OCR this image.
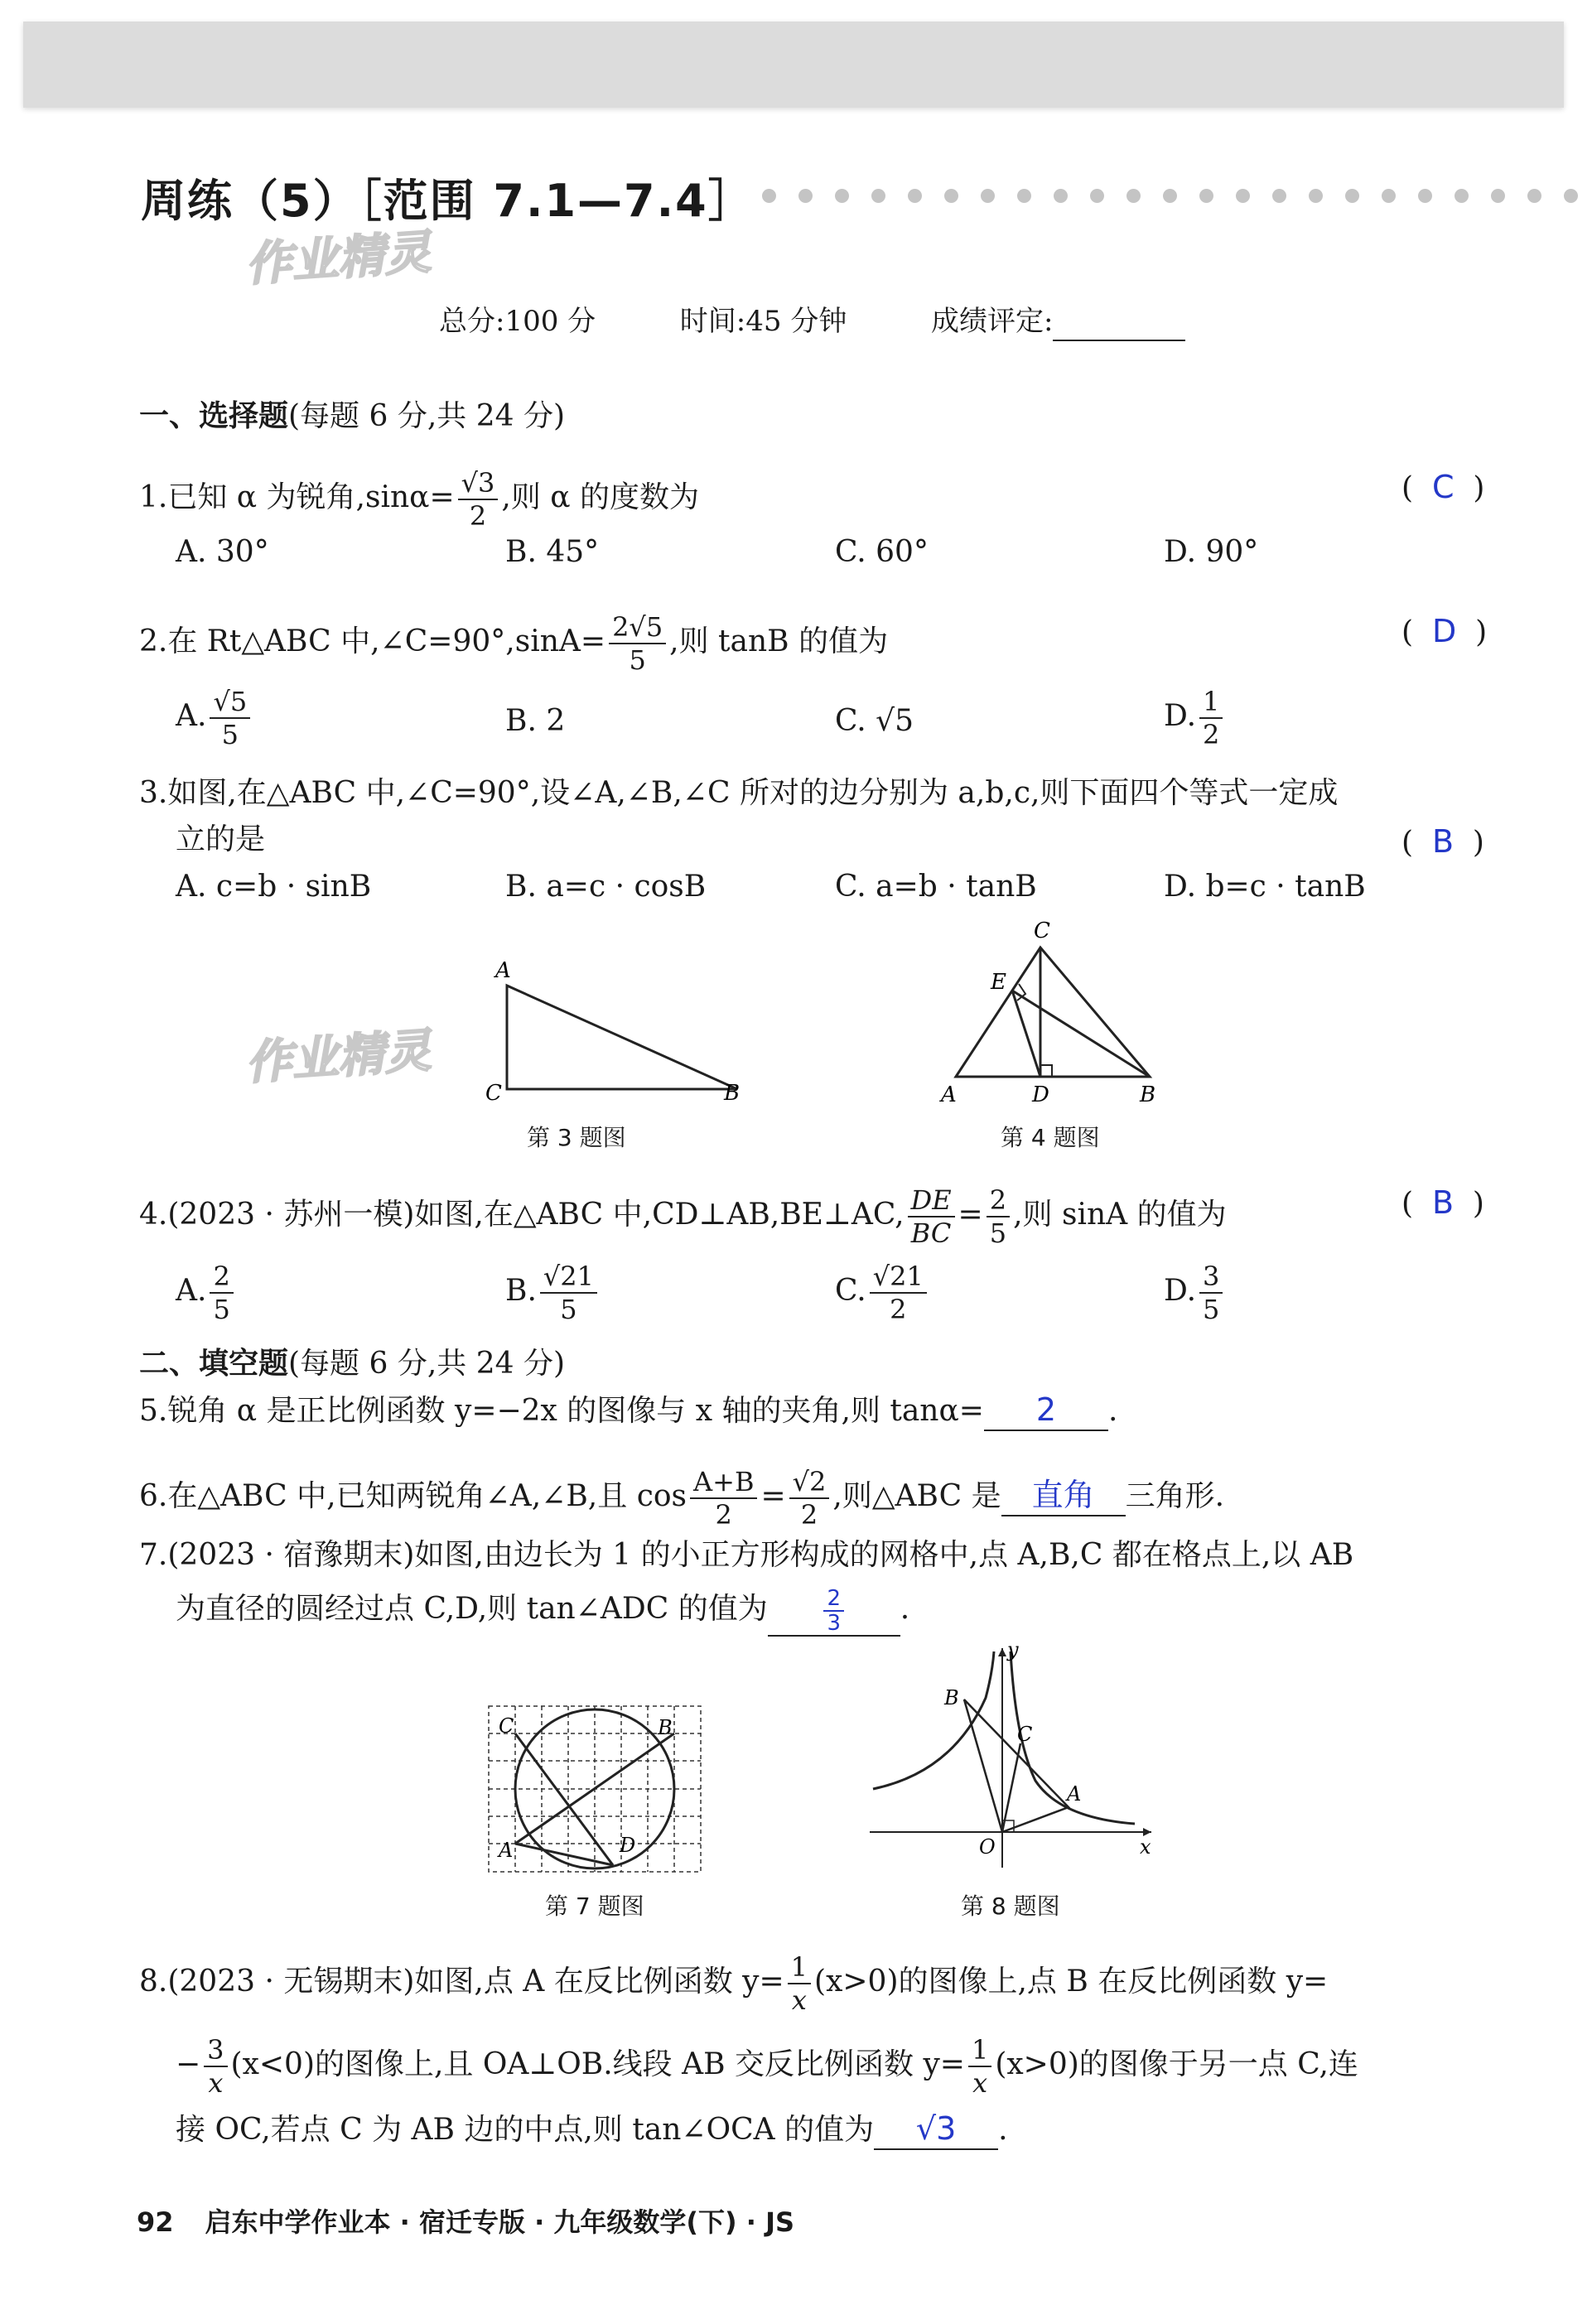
周练（5）［范围 7.1—7.4］
作业精灵
总分:100 分	时间:45 分钟	成绩评定:
一、选择题(每题 6 分,共 24 分)
1.已知 α 为锐角$,\sin\alpha= \frac{√3}{2}$ ,则 α 的度数为	(  C  )
A. 30°	B. 45°	C. 60°	D. 90°
2.在 Rt△ABC 中,∠C=90°,sinA= $\frac{2√5}{5}$ ,则 tanB 的值为	(  D  )
A. $\frac{√5}{5}$	B. 2	C. √5	D. $\frac{1}{2}$
3.如图,在△ABC 中,∠C=90°,设∠A,∠B,∠C 所对的边分别为 a,b,c,则下面四个等式一定成
立的是	(  B  )
A. c=b · sinB	B. a=c · cosB	C. a=b · tanB	D. b=c · tanB
A
C	B
第 3 题图
作业精灵
C
E
A	D	B
第 4 题图
4.(2023 · 苏州一模)如图,在△ABC 中,CD⊥AB,BE⊥AC, $\frac{DE}{BC} = \frac{2}{5}$ ,则 sinA 的值为	(  B  )
A. $\frac{2}{5}$	B. $\frac{√21}{5}$	C. $\frac{√21}{2}$	D. $\frac{3}{5}$
二、填空题(每题 6 分,共 24 分)
5.锐角 α 是正比例函数 y=−2x 的图像与 x 轴的夹角,则 tanα= 2 .
6.在△ABC 中,已知两锐角∠A,∠B,且 $\cos \frac{A+B}{2} = \frac{√2}{2}$ ,则△ABC 是 直角 三角形.
7.(2023 · 宿豫期末)如图,由边长为 1 的小正方形构成的网格中,点 A,B,C 都在格点上,以 AB
为直径的圆经过点 C,D,则 tan∠ADC 的值为	$\frac{2}{3}$ .
C	B
A	D
第 7 题图
y
B
C
A
O	x
第 8 题图
8.(2023 · 无锡期末)如图,点 A 在反比例函数 $y= \frac{1}{x} (x>0)$的图像上,点 B 在反比例函数 y=
− $\frac{3}{x} (x<0)$的图像上,且 OA⊥OB.线段 AB 交反比例函数 $y= \frac{1}{x} (x>0)$的图像于另一点 C,连
接 OC,若点 C 为 AB 边的中点,则 tan∠OCA 的值为 √3 .
92 启东中学作业本 · 宿迁专版 · 九年级数学(下) · JS
